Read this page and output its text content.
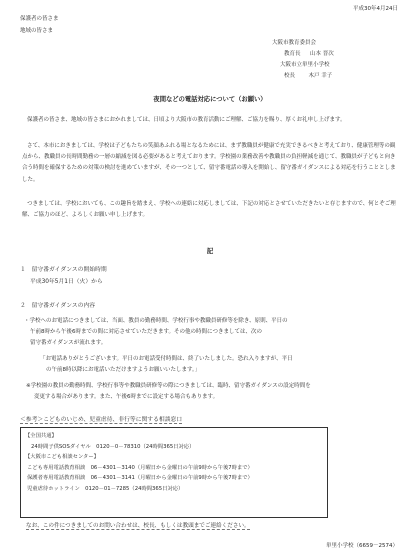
平成30年4月24日
保護者の皆さま
地域の皆さま
大阪市教育委員会
教育長 山本 晋次
大阪市立単里小学校
校長 木戸 幸子
夜間などの電話対応について（お願い）
保護者の皆さま、地域の皆さまにおかれましては、日頃より大阪市の教育活動にご理解、ご協力を賜り、厚くお礼申し上げます。
さて、本市におきましては、学校は子どもたちの笑顔あふれる場となるためには、まず教職員が健康で充実できるべきと考えており、健康管理等の観点から、教職員の長時間勤務の一層の縮減を図る必要があると考えております。学校園の業務改善や教職員の負担軽減を通じて、教職員が子どもと向き合う時間を確保するための対策の検討を進めていますが、その一つとして、留守番電話の導入を開始し、留守番ガイダンスによる対応を行うこととしました。
つきましては、学校においても、この趣旨を踏まえ、学校への連絡に対応しましては、下記の対応とさせていただきたいと存じますので、何とぞご理解、ご協力のほど、よろしくお願い申し上げます。
記
１　留守番ガイダンスの開始時期
平成30年5月1日（火）から
２　留守番ガイダンスの内容
・学校へのお電話につきましては、当面、教員の勤務時間、学校行事や教職員研修等を除き、原則、平日の
午前8時から午後6時までの間に対応させていただきます。その他の時間につきましては、次の
留守番ガイダンスが流れます。
「お電話ありがとうございます。平日のお電話受付時間は、終了いたしました。恐れ入りますが、平日
の午前8時以降にお電話いただけますようお願いいたします。」
※学校園の教員の勤務時間、学校行事等や教職員研修等の際につきましては、臨時、留守番ガイダンスの設定時間を
変更する場合があります。また、午後6時までに設定する場合もあります。
＜参考＞こどものいじめ、児童虐待、非行等に関する相談窓口
【全国共通】
24時間子供SOSダイヤル　0120－0－78310（24時間365日対応）
【大阪市こども相談センター】
こども専用電話教育相談　06－4301－3140（月曜日から金曜日の午前9時から午後7時まで）
保護者専用電話教育相談　06－4301－3141（月曜日から金曜日の午前9時から午後7時まで）
児童虐待ホットライン　0120－01－7285（24時間365日対応）
なお、この件につきましてのお問い合わせは、校長、もしくは教頭までご連絡ください。
単里小学校（6659－2574）
